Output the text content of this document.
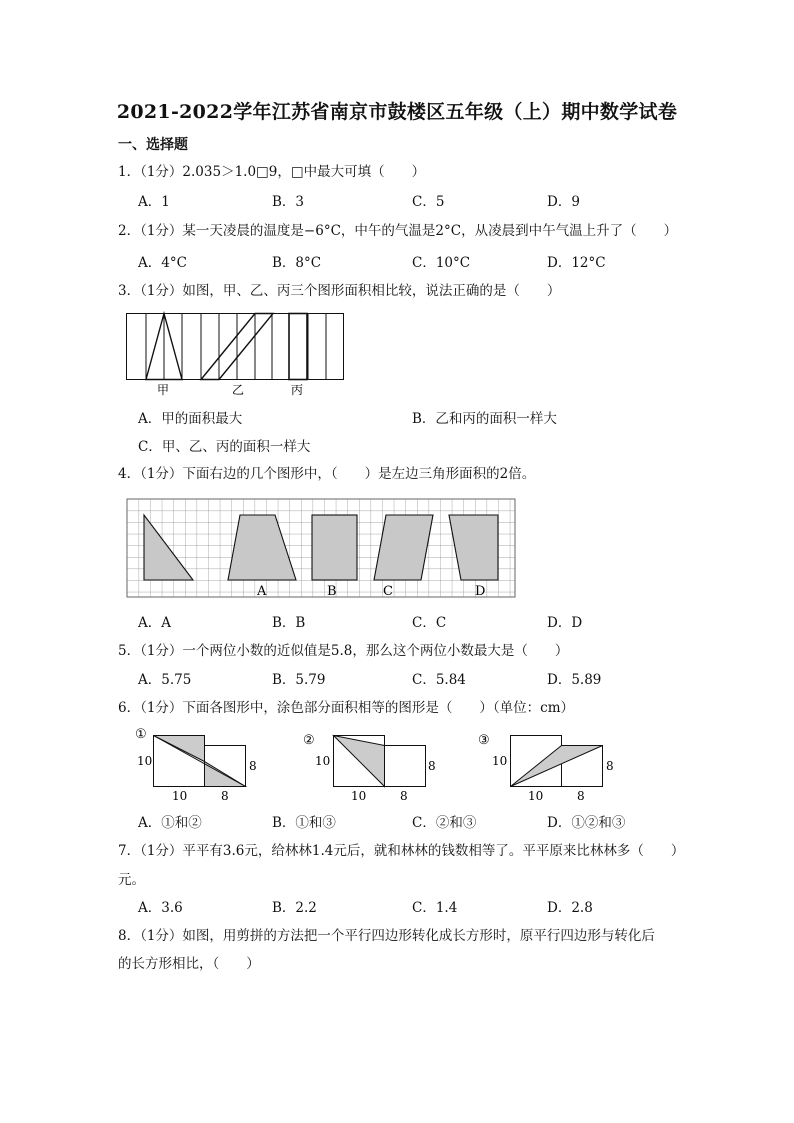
2021-2022学年江苏省南京市鼓楼区五年级（上）期中数学试卷
一、选择题
1．（1分）2.035＞1.0□9，□中最大可填（　　）
A．1	B．3	C．5	D．9
2．（1分）某一天凌晨的温度是−6°C，中午的气温是2°C，从凌晨到中午气温上升了（　　）
A．4°C	B．8°C	C．10°C	D．12°C
3．（1分）如图，甲、乙、丙三个图形面积相比较，说法正确的是（　　）
甲	乙	丙
A．甲的面积最大	B．乙和丙的面积一样大
C．甲、乙、丙的面积一样大
4．（1分）下面右边的几个图形中，（　　）是左边三角形面积的2倍。
A	B	C	D
A．A	B．B	C．C	D．D
5．（1分）一个两位小数的近似值是5.8，那么这个两位小数最大是（　　）
A．5.75	B．5.79	C．5.84	D．5.89
6．（1分）下面各图形中，涂色部分面积相等的图形是（　　）（单位：cm）
①
10
10
8
8
②
10
10
8
8
③
10
10
8
8
A．①和②	B．①和③	C．②和③	D．①②和③
7．（1分）平平有3.6元，给林林1.4元后，就和林林的钱数相等了。平平原来比林林多（　　）
元。
A．3.6	B．2.2	C．1.4	D．2.8
8．（1分）如图，用剪拼的方法把一个平行四边形转化成长方形时，原平行四边形与转化后
的长方形相比，（　　）
